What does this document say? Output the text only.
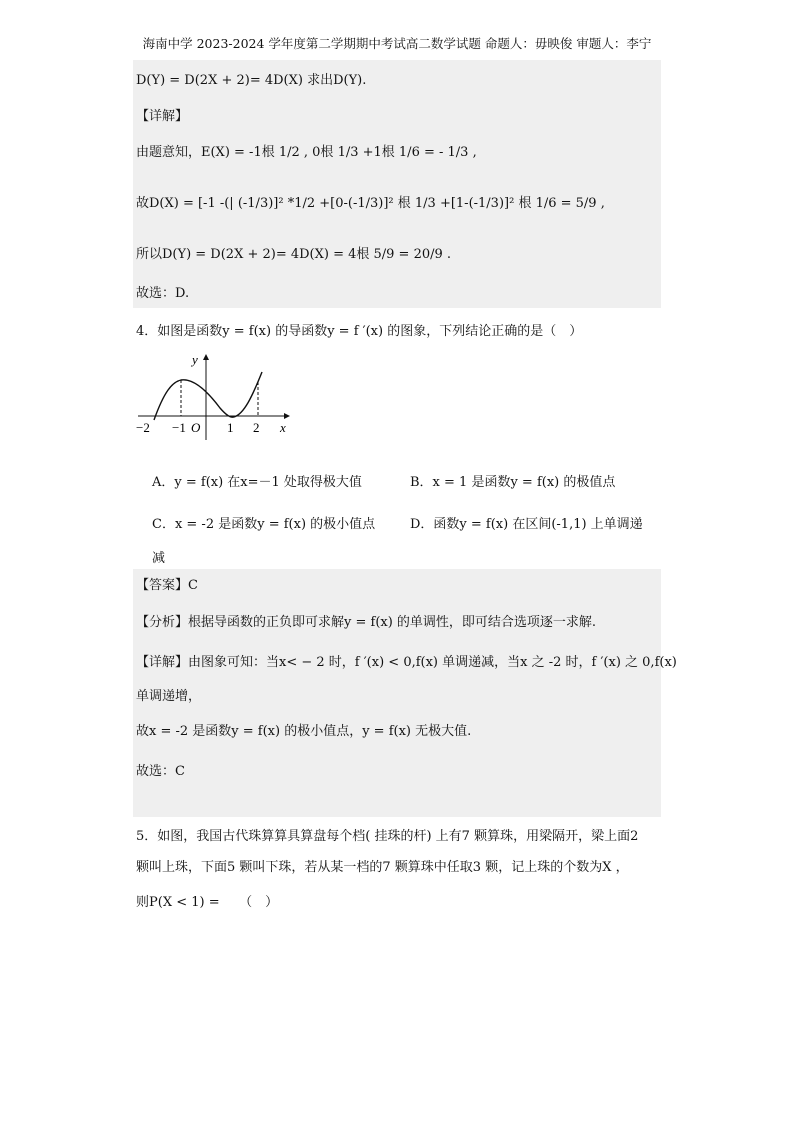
海南中学 2023-2024 学年度第二学期期中考试高二数学试题 命题人：毋映俊 审题人：李宁
D(Y) = D(2X + 2)= 4D(X) 求出D(Y).
【详解】
由题意知，E(X) = -1根 1/2 , 0根 1/3 +1根 1/6 = - 1/3 ,
故D(X) = [-1 -(| (-1/3)]² *1/2 +[0-(-1/3)]² 根 1/3 +[1-(-1/3)]² 根 1/6 = 5/9 ,
所以D(Y) = D(2X + 2)= 4D(X) = 4根 5/9 = 20/9 .
故选：D.
4．如图是函数y = f(x) 的导函数y = f ′(x) 的图象，下列结论正确的是（　）
y
x
−2 −1 O 1 2
A．y = f(x) 在x=－1 处取得极大值	B．x = 1 是函数y = f(x) 的极值点
C．x = -2 是函数y = f(x) 的极小值点	D．函数y = f(x) 在区间(-1,1) 上单调递
减
【答案】C
【分析】根据导函数的正负即可求解y = f(x) 的单调性，即可结合选项逐一求解.
【详解】由图象可知：当x< − 2 时，f ′(x) < 0,f(x) 单调递减，当x 之 -2 时，f ′(x) 之 0,f(x)
单调递增，
故x = -2 是函数y = f(x) 的极小值点，y = f(x) 无极大值.
故选：C
5．如图，我国古代珠算算具算盘每个档( 挂珠的杆) 上有7 颗算珠，用梁隔开，梁上面2
颗叫上珠，下面5 颗叫下珠，若从某一档的7 颗算珠中任取3 颗，记上珠的个数为X ，
则P(X < 1) =　　（　）
